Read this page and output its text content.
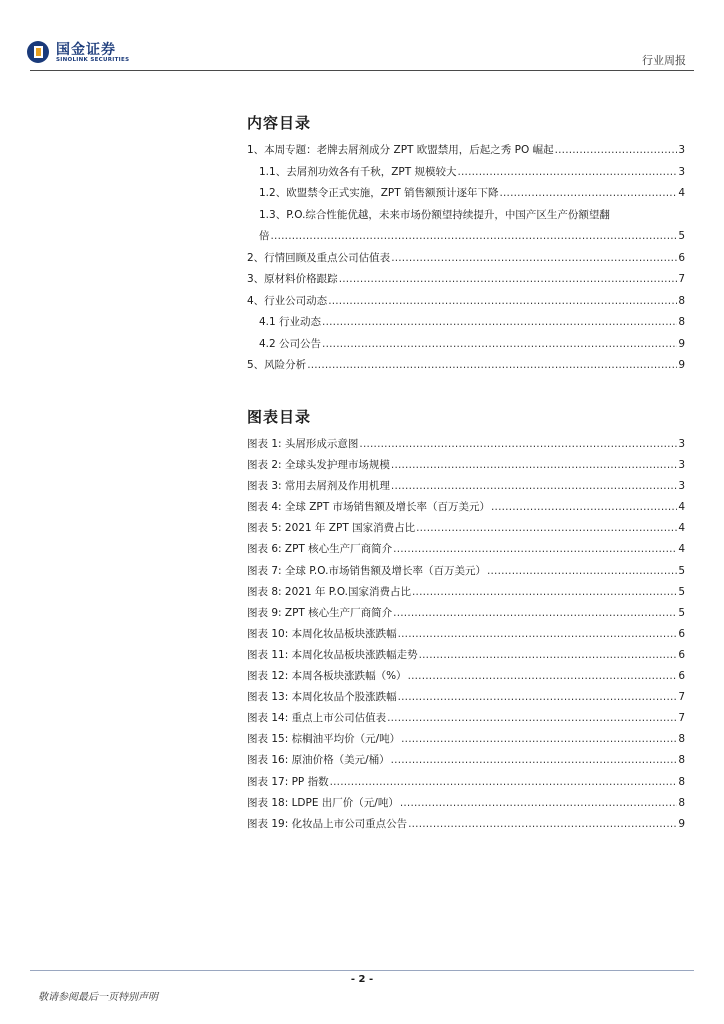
国金证券
SINOLINK SECURITIES	行业周报
内容目录
1、本周专题：老牌去屑剂成分 ZPT 欧盟禁用，后起之秀 PO 崛起 .....	3
1.1、去屑剂功效各有千秋，ZPT 规模较大 .....	3
1.2、欧盟禁令正式实施，ZPT 销售额预计逐年下降 .....	4
1.3、P.O.综合性能优越，未来市场份额望持续提升，中国产区生产份额望翻
倍 .....	5
2、行情回顾及重点公司估值表 .....	6
3、原材料价格跟踪 .....	7
4、行业公司动态 .....	8
4.1 行业动态 .....	8
4.2 公司公告 .....	9
5、风险分析 .....	9
图表目录
图表 1: 头屑形成示意图 .....	3
图表 2: 全球头发护理市场规模 .....	3
图表 3: 常用去屑剂及作用机理 .....	3
图表 4: 全球 ZPT 市场销售额及增长率（百万美元） .....	4
图表 5: 2021 年 ZPT 国家消费占比 .....	4
图表 6: ZPT 核心生产厂商简介 .....	4
图表 7: 全球 P.O.市场销售额及增长率（百万美元） .....	5
图表 8: 2021 年 P.O.国家消费占比 .....	5
图表 9: ZPT 核心生产厂商简介 .....	5
图表 10: 本周化妆品板块涨跌幅 .....	6
图表 11: 本周化妆品板块涨跌幅走势 .....	6
图表 12: 本周各板块涨跌幅（%） .....	6
图表 13: 本周化妆品个股涨跌幅 .....	7
图表 14: 重点上市公司估值表 .....	7
图表 15: 棕榈油平均价（元/吨） .....	8
图表 16: 原油价格（美元/桶） .....	8
图表 17: PP 指数 .....	8
图表 18: LDPE 出厂价（元/吨） .....	8
图表 19: 化妆品上市公司重点公告 .....	9
- 2 -
敬请参阅最后一页特别声明
